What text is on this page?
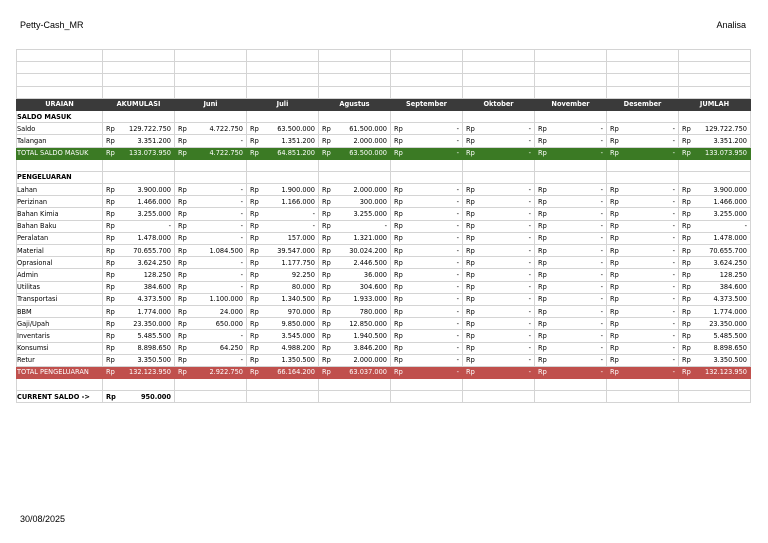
Petty-Cash_MR	Analisa

URAIAN	AKUMULASI	Juni	Juli	Agustus	September	Oktober	November	Desember	JUMLAH
SALDO MASUK									
Saldo	Rp 129.722.750	Rp 4.722.750	Rp 63.500.000	Rp 61.500.000	Rp -	Rp -	Rp -	Rp -	Rp 129.722.750

Talangan	Rp 3.351.200	Rp -	Rp 1.351.200	Rp 2.000.000	Rp -	Rp -	Rp -	Rp -	Rp 3.351.200

TOTAL SALDO MASUK	Rp 133.073.950	Rp 4.722.750	Rp 64.851.200	Rp 63.500.000	Rp -	Rp -	Rp -	Rp -	Rp 133.073.950

PENGELUARAN									
Lahan	Rp 3.900.000	Rp -	Rp 1.900.000	Rp 2.000.000	Rp -	Rp -	Rp -	Rp -	Rp 3.900.000

Perizinan	Rp 1.466.000	Rp -	Rp 1.166.000	Rp 300.000	Rp -	Rp -	Rp -	Rp -	Rp 1.466.000

Bahan Kimia	Rp 3.255.000	Rp -	Rp -	Rp 3.255.000	Rp -	Rp -	Rp -	Rp -	Rp 3.255.000

Bahan Baku	Rp -	Rp -	Rp -	Rp -	Rp -	Rp -	Rp -	Rp -	Rp -

Peralatan	Rp 1.478.000	Rp -	Rp 157.000	Rp 1.321.000	Rp -	Rp -	Rp -	Rp -	Rp 1.478.000

Material	Rp 70.655.700	Rp 1.084.500	Rp 39.547.000	Rp 30.024.200	Rp -	Rp -	Rp -	Rp -	Rp 70.655.700

Oprasional	Rp 3.624.250	Rp -	Rp 1.177.750	Rp 2.446.500	Rp -	Rp -	Rp -	Rp -	Rp 3.624.250

Admin	Rp 128.250	Rp -	Rp 92.250	Rp 36.000	Rp -	Rp -	Rp -	Rp -	Rp 128.250

Utilitas	Rp 384.600	Rp -	Rp 80.000	Rp 304.600	Rp -	Rp -	Rp -	Rp -	Rp 384.600

Transportasi	Rp 4.373.500	Rp 1.100.000	Rp 1.340.500	Rp 1.933.000	Rp -	Rp -	Rp -	Rp -	Rp 4.373.500

BBM	Rp 1.774.000	Rp 24.000	Rp 970.000	Rp 780.000	Rp -	Rp -	Rp -	Rp -	Rp 1.774.000

Gaji/Upah	Rp 23.350.000	Rp 650.000	Rp 9.850.000	Rp 12.850.000	Rp -	Rp -	Rp -	Rp -	Rp 23.350.000

Inventaris	Rp 5.485.500	Rp -	Rp 3.545.000	Rp 1.940.500	Rp -	Rp -	Rp -	Rp -	Rp 5.485.500

Konsumsi	Rp 8.898.650	Rp 64.250	Rp 4.988.200	Rp 3.846.200	Rp -	Rp -	Rp -	Rp -	Rp 8.898.650

Retur	Rp 3.350.500	Rp -	Rp 1.350.500	Rp 2.000.000	Rp -	Rp -	Rp -	Rp -	Rp 3.350.500

TOTAL PENGELUARAN	Rp 132.123.950	Rp 2.922.750	Rp 66.164.200	Rp 63.037.000	Rp -	Rp -	Rp -	Rp -	Rp 132.123.950

CURRENT SALDO ->	Rp 950.000								

30/08/2025
